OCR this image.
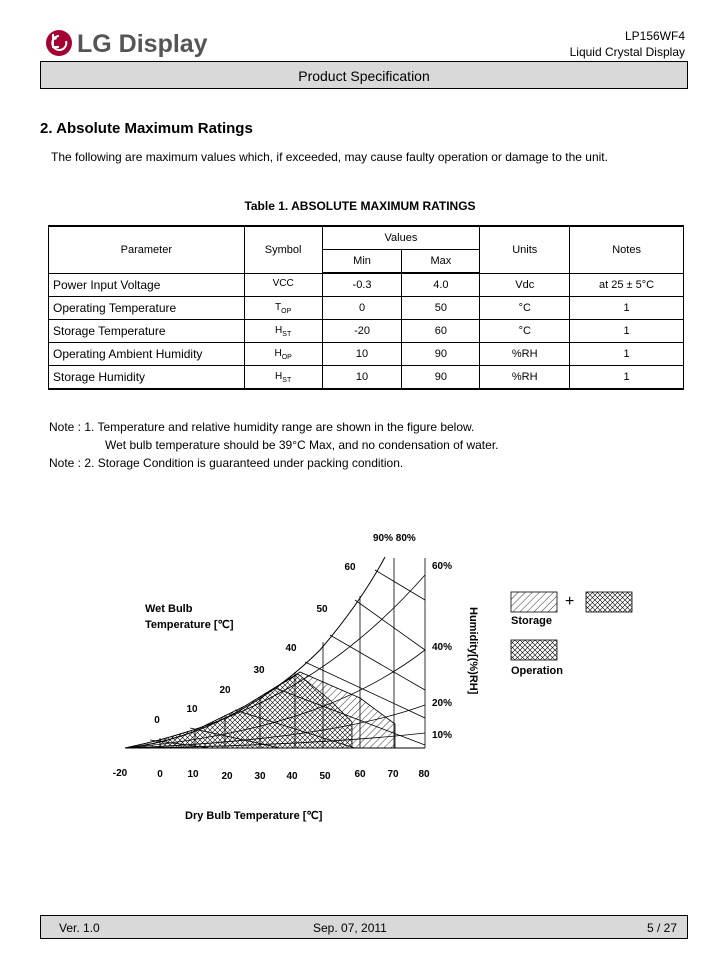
LG Display	LP156WF4
Liquid Crystal Display
Product Specification
2. Absolute Maximum Ratings
The following are maximum values which, if exceeded, may cause faulty operation or damage to the unit.
Table 1. ABSOLUTE MAXIMUM RATINGS
Parameter	Symbol	Values		Units	Notes
		Min	Max		
Power Input Voltage	VCC	-0.3	4.0	Vdc	at 25 ± 5°C
Operating Temperature	$T_{OP}$	0	50	°C	1
Storage Temperature	$H_{ST}$	-20	60	°C	1
Operating Ambient Humidity	$H_{OP}$	10	90	%RH	1
Storage Humidity	$H_{ST}$	10	90	%RH	1
Note : 1. Temperature and relative humidity range are shown in the figure below.
Wet bulb temperature should be 39°C Max, and no condensation of water.
Note : 2. Storage Condition is guaranteed under packing condition.
-20	0 10 20 30 40 50 60 70 80
0
10
20
30
40
50
60	60%
40%
20%
10%
90% 80%
Wet Bulb
Temperature [℃]
Dry Bulb Temperature [℃]
Humidity[(%)RH]
+
Storage
Operation
Ver. 1.0	Sep. 07, 2011	5 / 27
